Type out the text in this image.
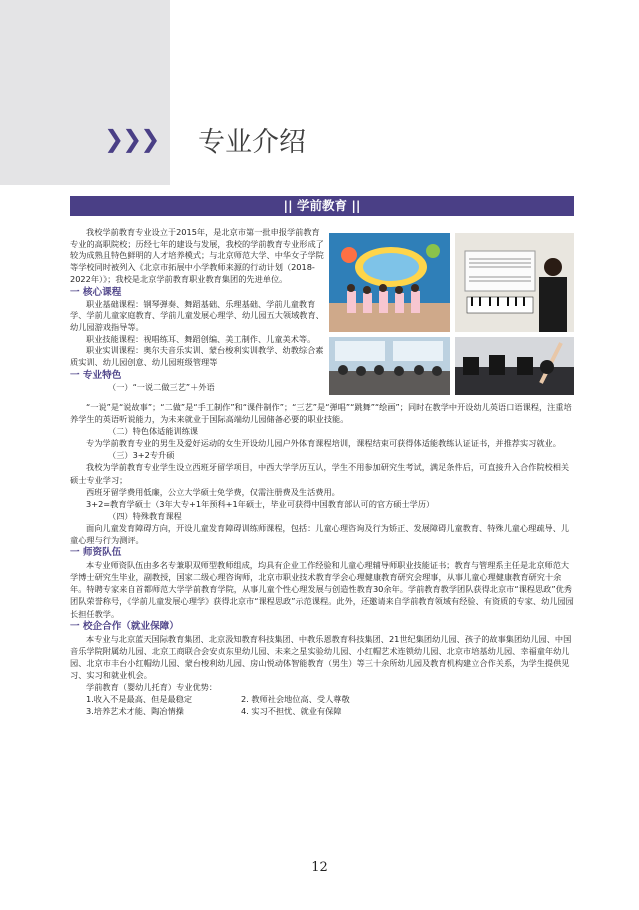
❯❯❯ 专业介绍
|| 学前教育 ||

我校学前教育专业设立于2015年，是北京市第一批申报学前教育专业的高职院校；历经七年的建设与发展，我校的学前教育专业形成了较为成熟且特色鲜明的人才培养模式；与北京师范大学、中华女子学院等学校同时被列入《北京市拓展中小学教师来源的行动计划（2018-2022年）》；我校是北京学前教育职业教育集团的先进单位。

一 核心课程

职业基础课程：钢琴弹奏、舞蹈基础、乐理基础、学前儿童教育学、学前儿童家庭教育、学前儿童发展心理学、幼儿园五大领域教育、幼儿园游戏指导等。

职业技能课程：视唱练耳、舞蹈创编、美工制作、儿童美术等。

职业实训课程：奥尔夫音乐实训、蒙台梭利实训教学、幼教综合素质实训、幼儿园创意、幼儿园班级管理等

一 专业特色

（一）“一说二做三艺”＋外语

“一说”是“说故事”；“二做”是“手工制作”和“课件制作”；“三艺”是“弹唱”“跳舞”“绘画”；同时在教学中开设幼儿英语口语课程，注重培养学生的英语听说能力，为未来就业于国际高端幼儿园储备必要的职业技能。

（二）特色体适能训练课

专为学前教育专业的男生及爱好运动的女生开设幼儿园户外体育课程培训，课程结束可获得体适能教练认证证书，并推荐实习就业。

（三）3+2专升硕

我校为学前教育专业学生设立西班牙留学项目，中西大学学历互认，学生不用参加研究生考试，满足条件后，可直接升入合作院校相关硕士专业学习；

西班牙留学费用低廉，公立大学硕士免学费，仅需注册费及生活费用。

3+2=教育学硕士（3年大专+1年预科+1年硕士，毕业可获得中国教育部认可的官方硕士学历）

（四）特殊教育课程

面向儿童发育障碍方向，开设儿童发育障碍训练师课程，包括：儿童心理咨询及行为矫正、发展障碍儿童教育、特殊儿童心理疏导、儿童心理与行为测评。

一 师资队伍

本专业师资队伍由多名专兼职双师型教师组成，均具有企业工作经验和儿童心理辅导师职业技能证书；教育与管理系主任是北京师范大学博士研究生毕业，副教授，国家二级心理咨询师，北京市职业技术教育学会心理健康教育研究会理事，从事儿童心理健康教育研究十余年。特聘专家来自首都师范大学学前教育学院，从事儿童个性心理发展与创造性教育30余年。学前教育教学团队获得北京市“课程思政”优秀团队荣誉称号，《学前儿童发展心理学》获得北京市“课程思政”示范课程。此外，还邀请来自学前教育领域有经验、有资质的专家、幼儿园园长担任教学。

一 校企合作（就业保障）

本专业与北京蓝天国际教育集团、北京汲知教育科技集团、中教乐恩教育科技集团、21世纪集团幼儿园、孩子的故事集团幼儿园、中国音乐学院附属幼儿园、北京工商联合会安贞东里幼儿园、未来之星实验幼儿园、小红帽艺术连锁幼儿园、北京市培基幼儿园、幸福童年幼儿园、北京市丰台小红帽幼儿园、蒙台梭利幼儿园、房山悦动体智能教育（男生）等三十余所幼儿园及教育机构建立合作关系，为学生提供见习、实习和就业机会。

学前教育（婴幼儿托育）专业优势：

1.收入不是最高、但是最稳定	2. 教师社会地位高、受人尊敬
3.培养艺术才能、陶冶情操	4. 实习不担忧、就业有保障
12
